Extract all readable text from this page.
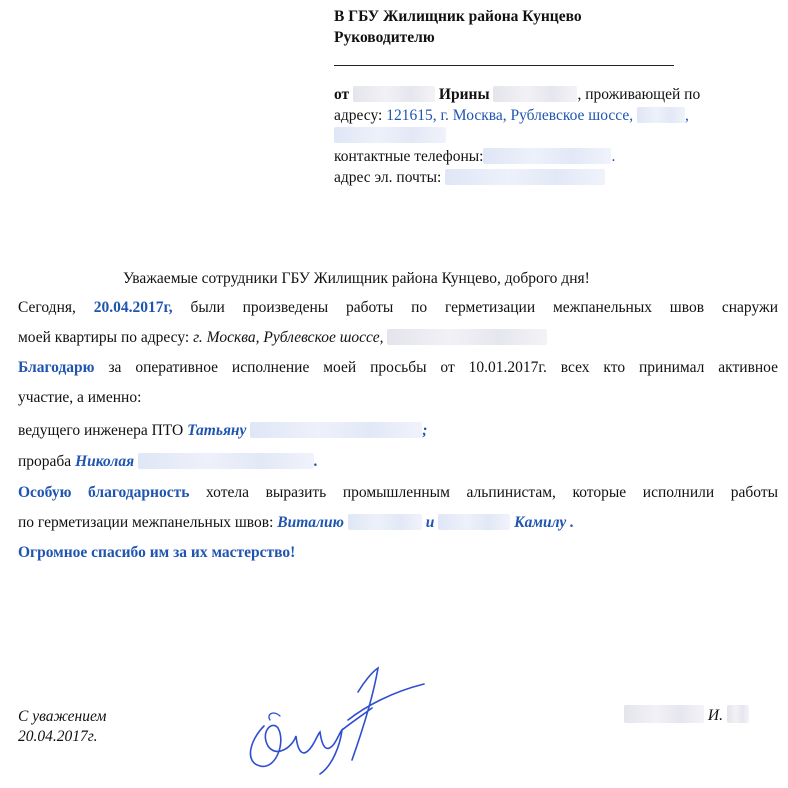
В ГБУ Жилищник района Кунцево
Руководителю
от	Ирины	, проживающей по
адресу: 121615, г. Москва, Рублевское шоссе,	,
контактные телефоны:	.
адрес эл. почты:
Уважаемые сотрудники ГБУ Жилищник района Кунцево, доброго дня!
Сегодня, 20.04.2017г, были произведены работы по герметизации межпанельных швов снаружи
моей квартиры по адресу: г. Москва, Рублевское шоссе,
Благодарю за оперативное исполнение моей просьбы от 10.01.2017г. всех кто принимал активное
участие, а именно:
ведущего инженера ПТО Татьяну	;
прораба Николая	.
Особую благодарность хотела выразить промышленным альпинистам, которые исполнили работы
по герметизации межпанельных швов: Виталию	и	Камилу .
Огромное спасибо им за их мастерство!
С уважением
20.04.2017г.
И.
